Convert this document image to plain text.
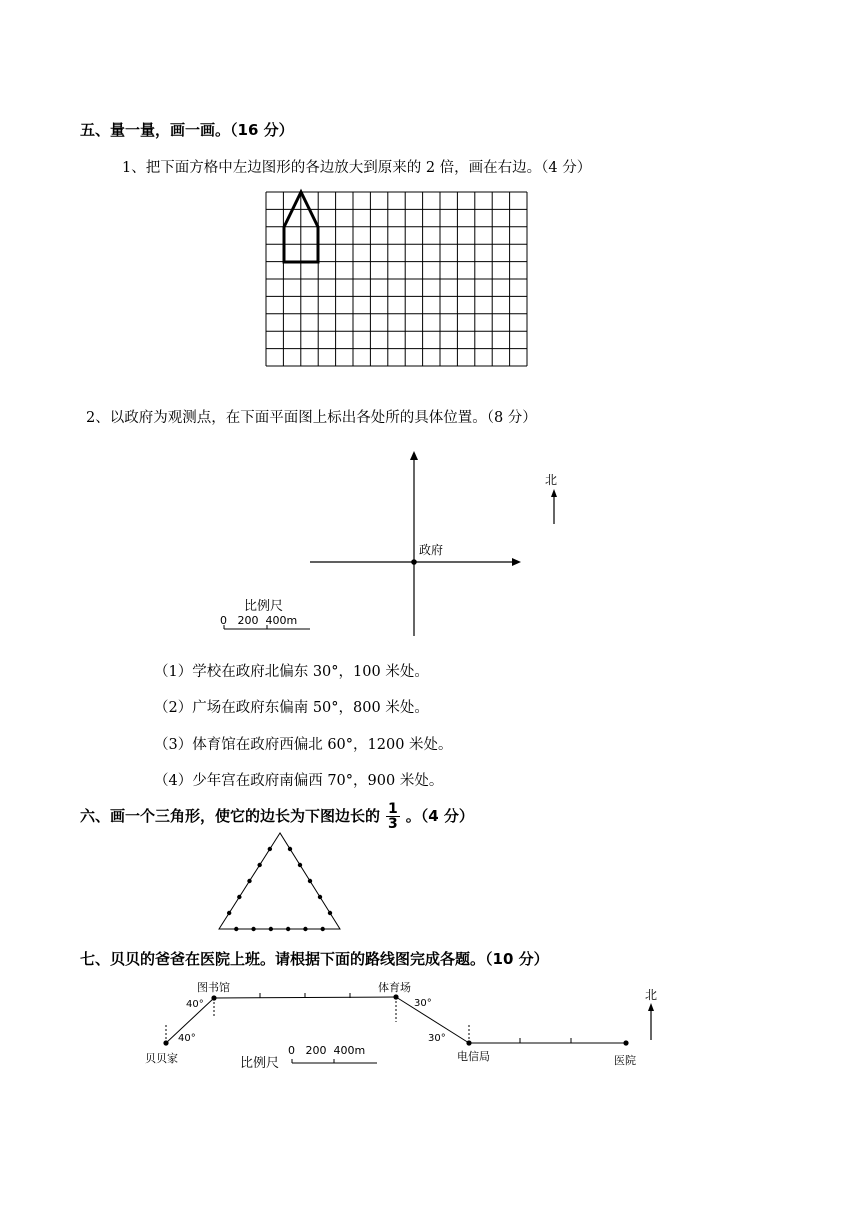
五、量一量，画一画。（16 分）
1、把下面方格中左边图形的各边放大到原来的 2 倍，画在右边。（4 分）
2、以政府为观测点，在下面平面图上标出各处所的具体位置。（8 分）
北
政府
比例尺
0   200  400m
（1）学校在政府北偏东 30°，100 米处。
（2）广场在政府东偏南 50°，800 米处。
（3）体育馆在政府西偏北 60°，1200 米处。
（4）少年宫在政府南偏西 70°，900 米处。
六、画一个三角形，使它的边长为下图边长的 $\frac{1}{3}$ 。（4 分）
七、贝贝的爸爸在医院上班。请根据下面的路线图完成各题。（10 分）
图书馆	体育场
贝贝家	电信局	医院
北
40°
40°
30°
30°
比例尺
0   200  400m
